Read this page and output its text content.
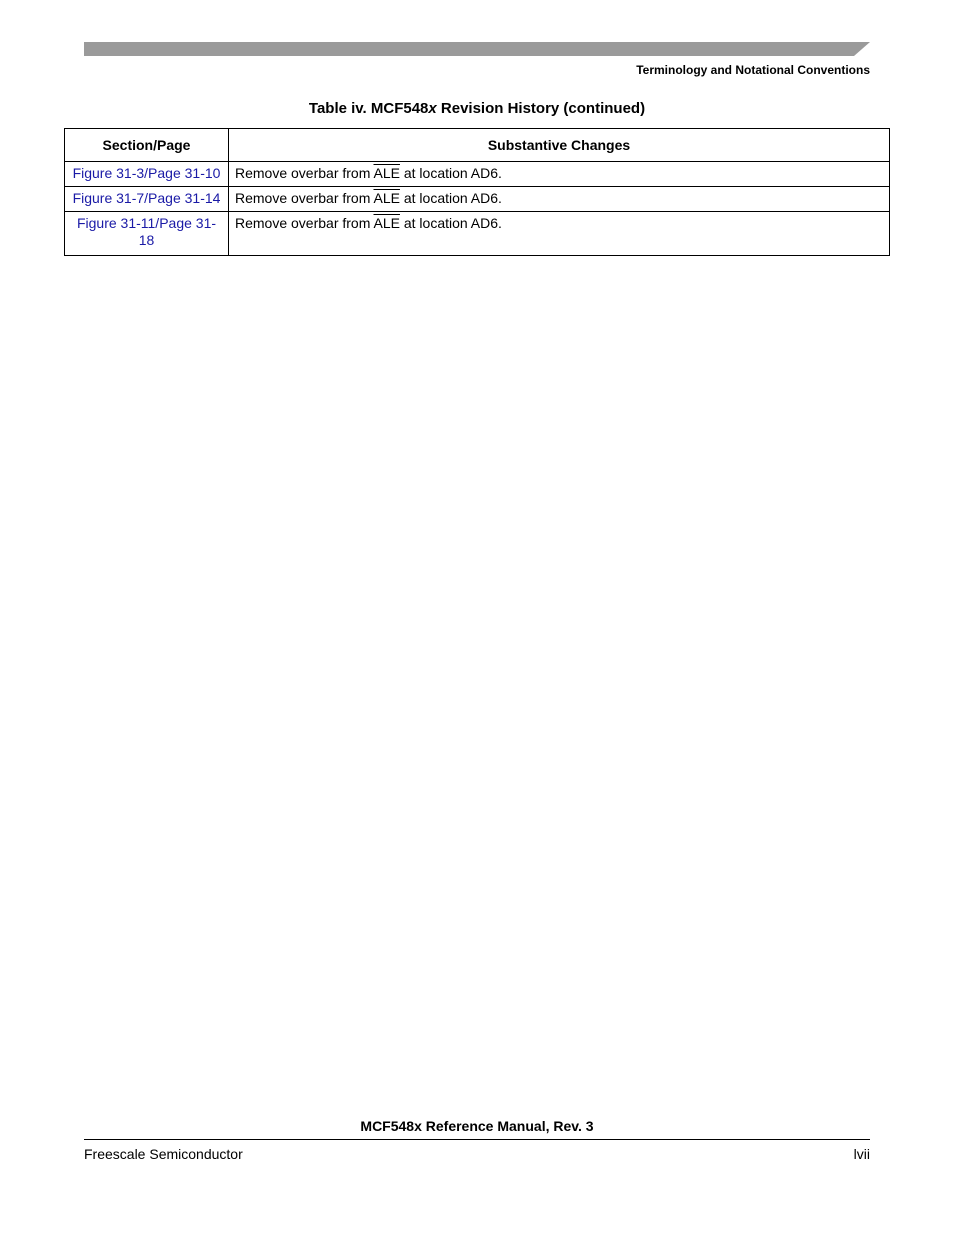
Terminology and Notational Conventions
Table iv. MCF548x Revision History (continued)
Section/Page	Substantive Changes
Figure 31-3/Page 31-10	Remove overbar from $\overline{ALE}$ at location AD6.
Figure 31-7/Page 31-14	Remove overbar from $\overline{ALE}$ at location AD6.
Figure 31-11/Page 31-18	Remove overbar from $\overline{ALE}$ at location AD6.
MCF548x Reference Manual, Rev. 3
Freescale Semiconductor	lvii
